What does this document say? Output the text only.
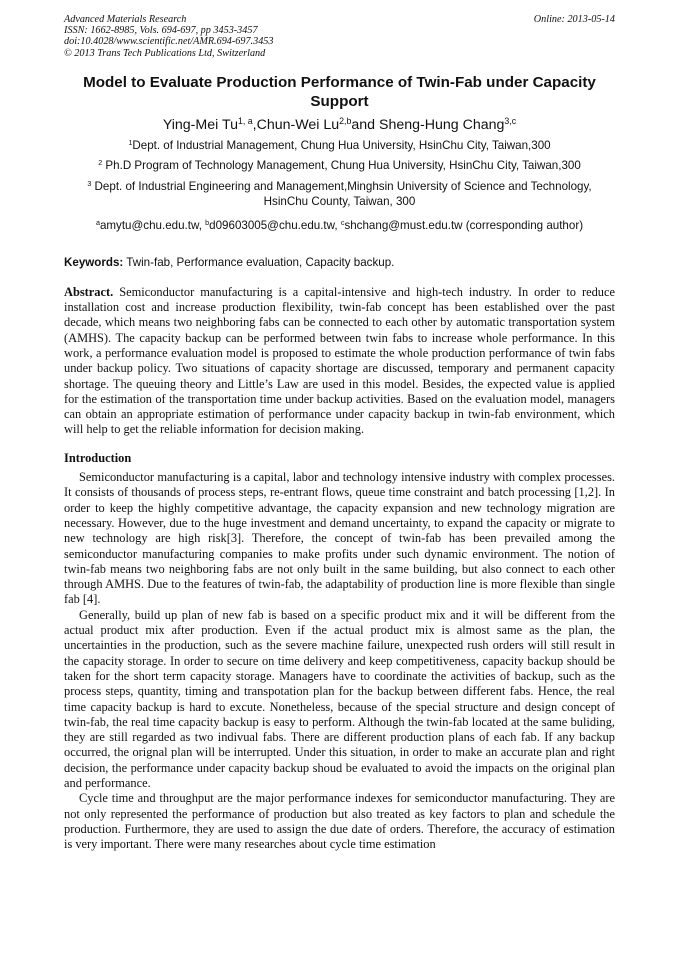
Advanced Materials Research
ISSN: 1662-8985, Vols. 694-697, pp 3453-3457
doi:10.4028/www.scientific.net/AMR.694-697.3453
© 2013 Trans Tech Publications Ltd, Switzerland
Online: 2013-05-14
Model to Evaluate Production Performance of Twin-Fab under Capacity Support
Ying-Mei Tu$^{1, a}$,Chun-Wei Lu$^{2,b}$and Sheng-Hung Chang$^{3,c}$
$^1$Dept. of Industrial Management, Chung Hua University, HsinChu City, Taiwan,300
$^2$ Ph.D Program of Technology Management, Chung Hua University, HsinChu City, Taiwan,300
$^3$ Dept. of Industrial Engineering and Management,Minghsin University of Science and Technology, HsinChu County, Taiwan, 300
$^a$amytu@chu.edu.tw, $^b$d09603005@chu.edu.tw, $^c$shchang@must.edu.tw (corresponding author)
Keywords: Twin-fab, Performance evaluation, Capacity backup.
Abstract. Semiconductor manufacturing is a capital-intensive and high-tech industry. In order to reduce installation cost and increase production flexibility, twin-fab concept has been established over the past decade, which means two neighboring fabs can be connected to each other by automatic transportation system (AMHS). The capacity backup can be performed between twin fabs to increase whole performance. In this work, a performance evaluation model is proposed to estimate the whole production performance of twin fabs under backup policy. Two situations of capacity shortage are discussed, temporary and permanent capacity shortage. The queuing theory and Little’s Law are used in this model. Besides, the expected value is applied for the estimation of the transportation time under backup activities. Based on the evaluation model, managers can obtain an appropriate estimation of performance under capacity backup in twin-fab environment, which will help to get the reliable information for decision making.
Introduction
Semiconductor manufacturing is a capital, labor and technology intensive industry with complex processes. It consists of thousands of process steps, re-entrant flows, queue time constraint and batch processing [1,2]. In order to keep the highly competitive advantage, the capacity expansion and new technology migration are necessary. However, due to the huge investment and demand uncertainty, to expand the capacity or migrate to new technology are high risk[3]. Therefore, the concept of twin-fab has been prevailed among the semiconductor manufacturing companies to make profits under such dynamic environment. The notion of twin-fab means two neighboring fabs are not only built in the same building, but also connect to each other through AMHS. Due to the features of twin-fab, the adaptability of production line is more flexible than single fab [4].
Generally, build up plan of new fab is based on a specific product mix and it will be different from the actual product mix after production. Even if the actual product mix is almost same as the plan, the uncertainties in the production, such as the severe machine failure, unexpected rush orders will still result in the capacity storage. In order to secure on time delivery and keep competitiveness, capacity backup should be taken for the short term capacity storage. Managers have to coordinate the activities of backup, such as the process steps, quantity, timing and transpotation plan for the backup between different fabs. Hence, the real time capacity backup is hard to excute. Nonetheless, because of the special structure and design concept of twin-fab, the real time capacity backup is easy to perform. Although the twin-fab located at the same buliding, they are still regarded as two indivual fabs. There are different production plans of each fab. If any backup occurred, the orignal plan will be interrupted. Under this situation, in order to make an accurate plan and right decision, the performance under capacity backup shoud be evaluated to avoid the impacts on the original plan and performance.
Cycle time and throughput are the major performance indexes for semiconductor manufacturing. They are not only represented the performance of production but also treated as key factors to plan and schedule the production. Furthermore, they are used to assign the due date of orders. Therefore, the accuracy of estimation is very important. There were many researches about cycle time estimation
